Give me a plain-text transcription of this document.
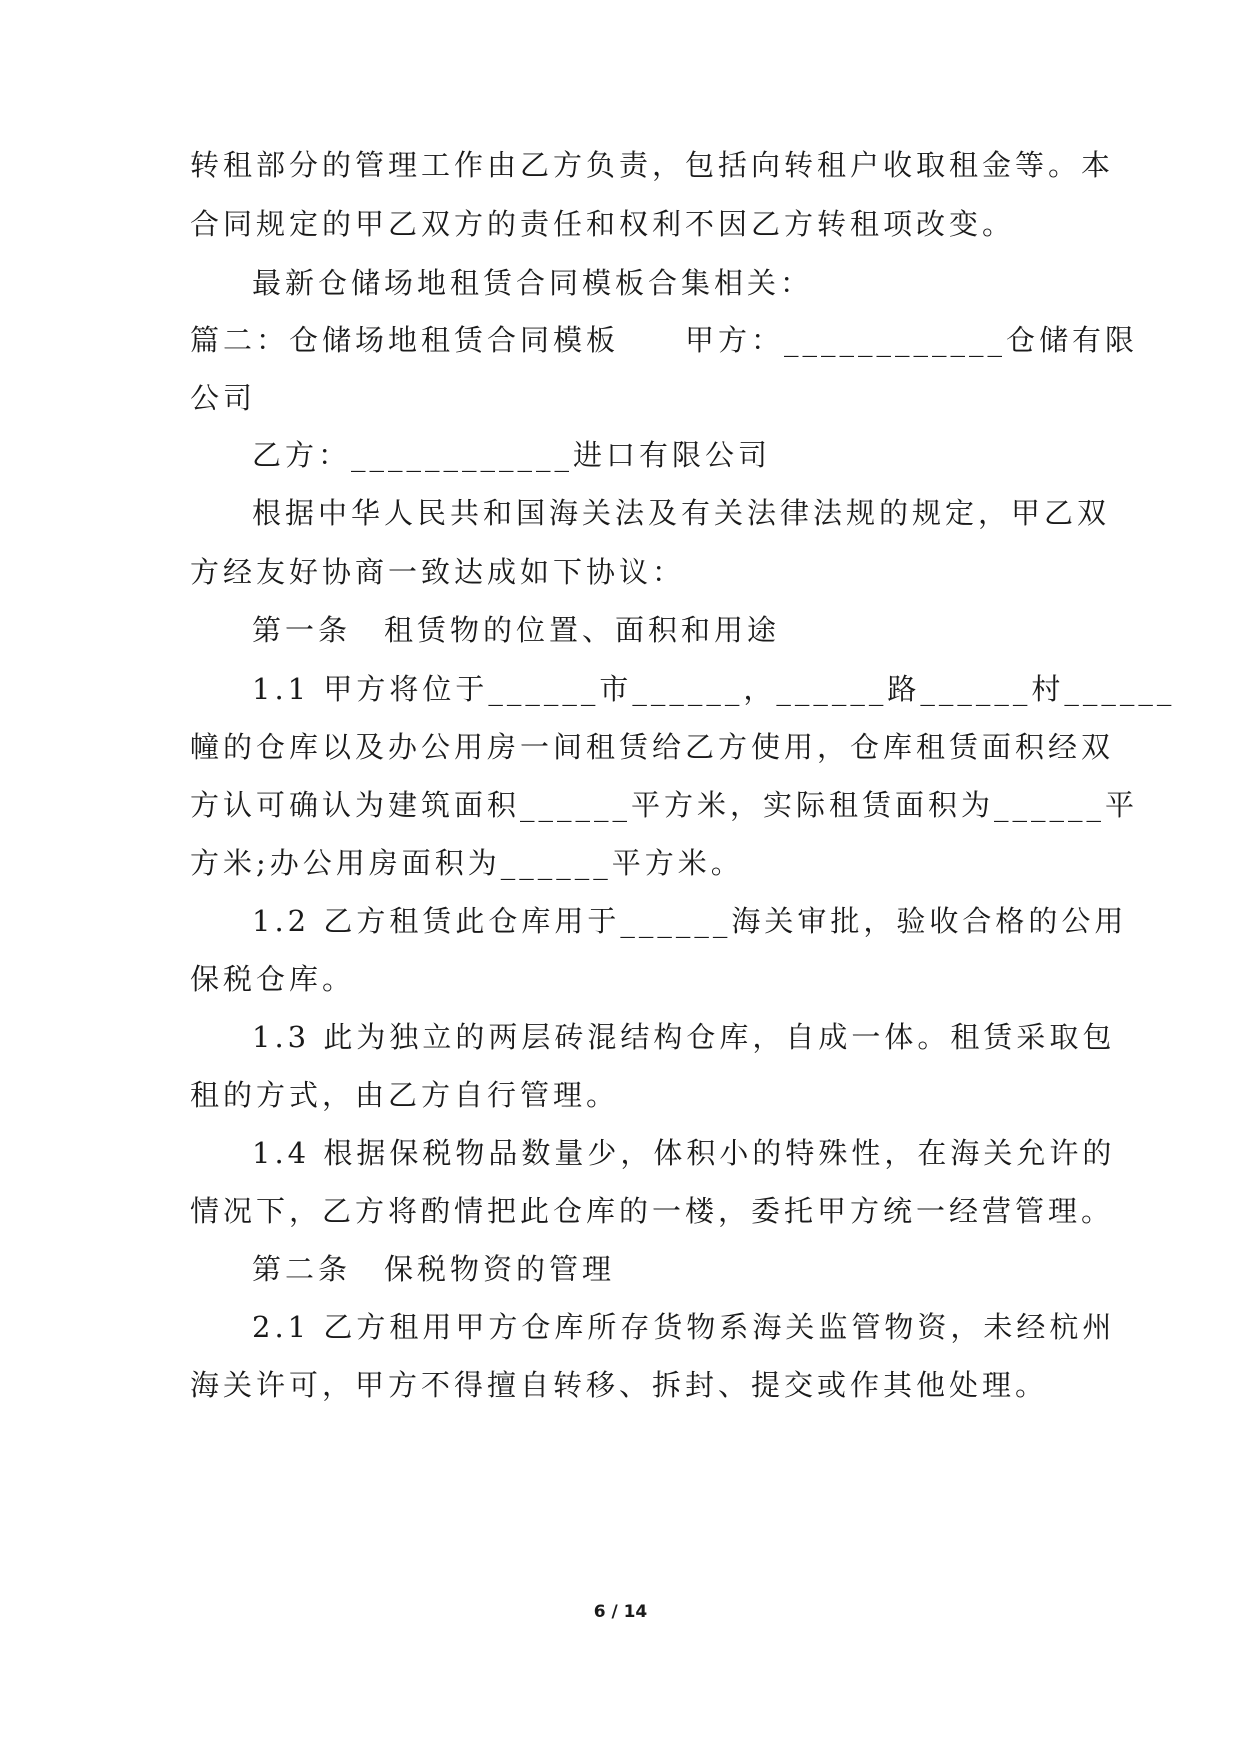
转租部分的管理工作由乙方负责，包括向转租户收取租金等。本
合同规定的甲乙双方的责任和权利不因乙方转租项改变。
最新仓储场地租赁合同模板合集相关：
篇二：仓储场地租赁合同模板　　甲方：____________仓储有限
公司
乙方：____________进口有限公司
根据中华人民共和国海关法及有关法律法规的规定，甲乙双
方经友好协商一致达成如下协议：
第一条　租赁物的位置、面积和用途
1.1 甲方将位于______市______，______路______村______
幢的仓库以及办公用房一间租赁给乙方使用，仓库租赁面积经双
方认可确认为建筑面积______平方米，实际租赁面积为______平
方米;办公用房面积为______平方米。
1.2 乙方租赁此仓库用于______海关审批，验收合格的公用
保税仓库。
1.3 此为独立的两层砖混结构仓库，自成一体。租赁采取包
租的方式，由乙方自行管理。
1.4 根据保税物品数量少，体积小的特殊性，在海关允许的
情况下，乙方将酌情把此仓库的一楼，委托甲方统一经营管理。
第二条　保税物资的管理
2.1 乙方租用甲方仓库所存货物系海关监管物资，未经杭州
海关许可，甲方不得擅自转移、拆封、提交或作其他处理。
6 / 14
